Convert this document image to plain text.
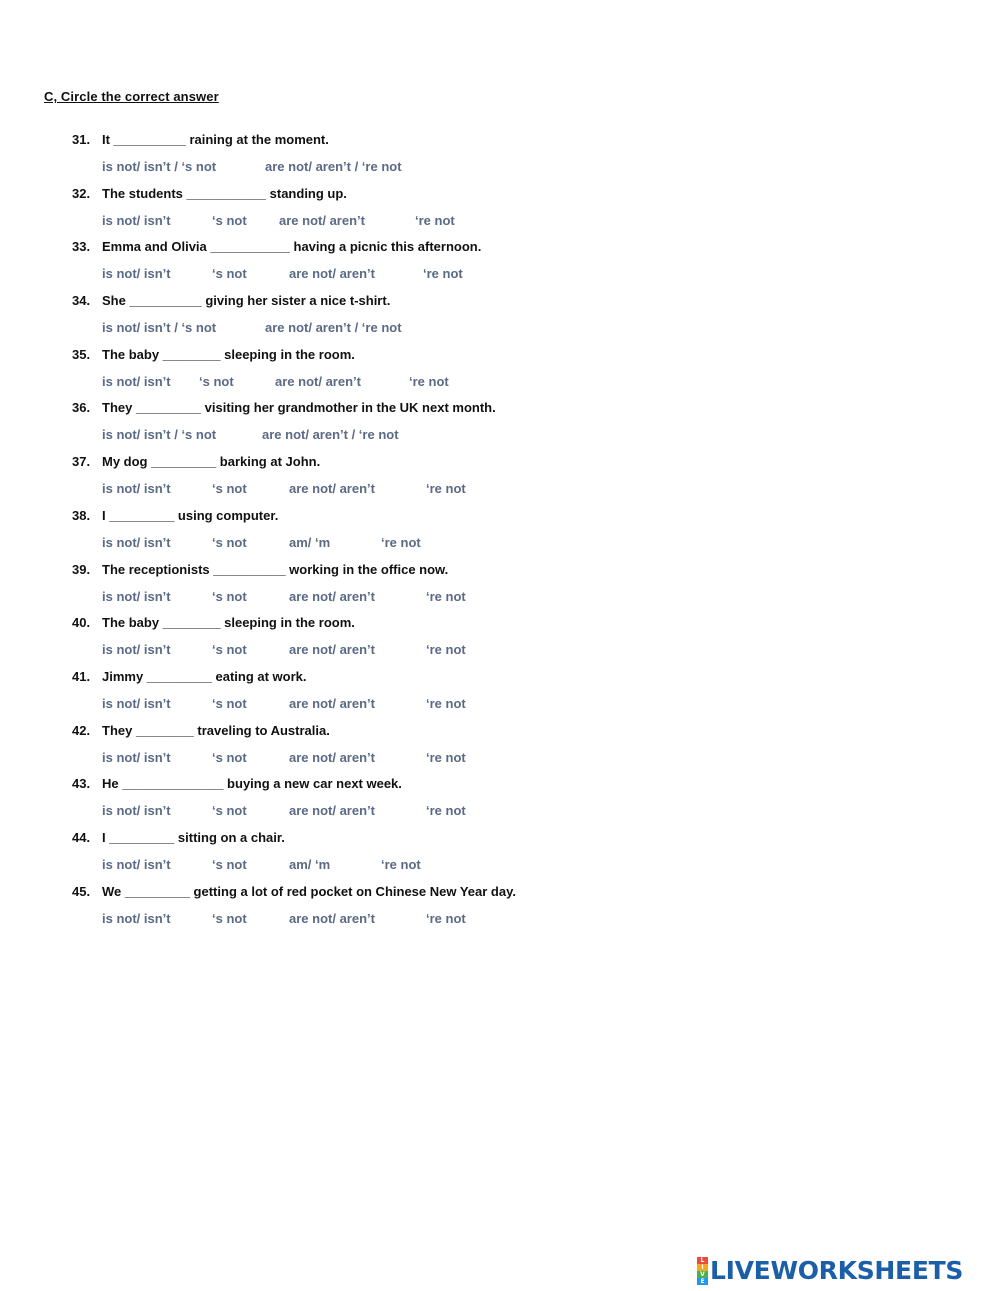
C, Circle the correct answer
31. It __________ raining at the moment.
is not/ isn’t / ‘s not	are not/ aren’t / ‘re not
32. The students ___________ standing up.
is not/ isn’t	‘s not are not/ aren’t	‘re not
33. Emma and Olivia ___________ having a picnic this afternoon.
is not/ isn’t	‘s not	are not/ aren’t	‘re not
34. She __________ giving her sister a nice t-shirt.
is not/ isn’t / ‘s not	are not/ aren’t / ‘re not
35. The baby ________ sleeping in the room.
is not/ isn’t ‘s not	are not/ aren’t	‘re not
36. They _________ visiting her grandmother in the UK next month.
is not/ isn’t / ‘s not	are not/ aren’t / ‘re not
37. My dog _________ barking at John.
is not/ isn’t	‘s not	are not/ aren’t	‘re not
38. I _________ using computer.
is not/ isn’t	‘s not	am/ ‘m	‘re not
39. The receptionists __________ working in the office now.
is not/ isn’t	‘s not	are not/ aren’t	‘re not
40. The baby ________ sleeping in the room.
is not/ isn’t	‘s not	are not/ aren’t	‘re not
41. Jimmy _________ eating at work.
is not/ isn’t	‘s not	are not/ aren’t	‘re not
42. They ________ traveling to Australia.
is not/ isn’t	‘s not	are not/ aren’t	‘re not
43. He ______________ buying a new car next week.
is not/ isn’t	‘s not	are not/ aren’t	‘re not
44. I _________ sitting on a chair.
is not/ isn’t	‘s not	am/ ‘m	‘re not
45. We _________ getting a lot of red pocket on Chinese New Year day.
is not/ isn’t	‘s not	are not/ aren’t	‘re not
L
I
V
E LIVEWORKSHEETS
